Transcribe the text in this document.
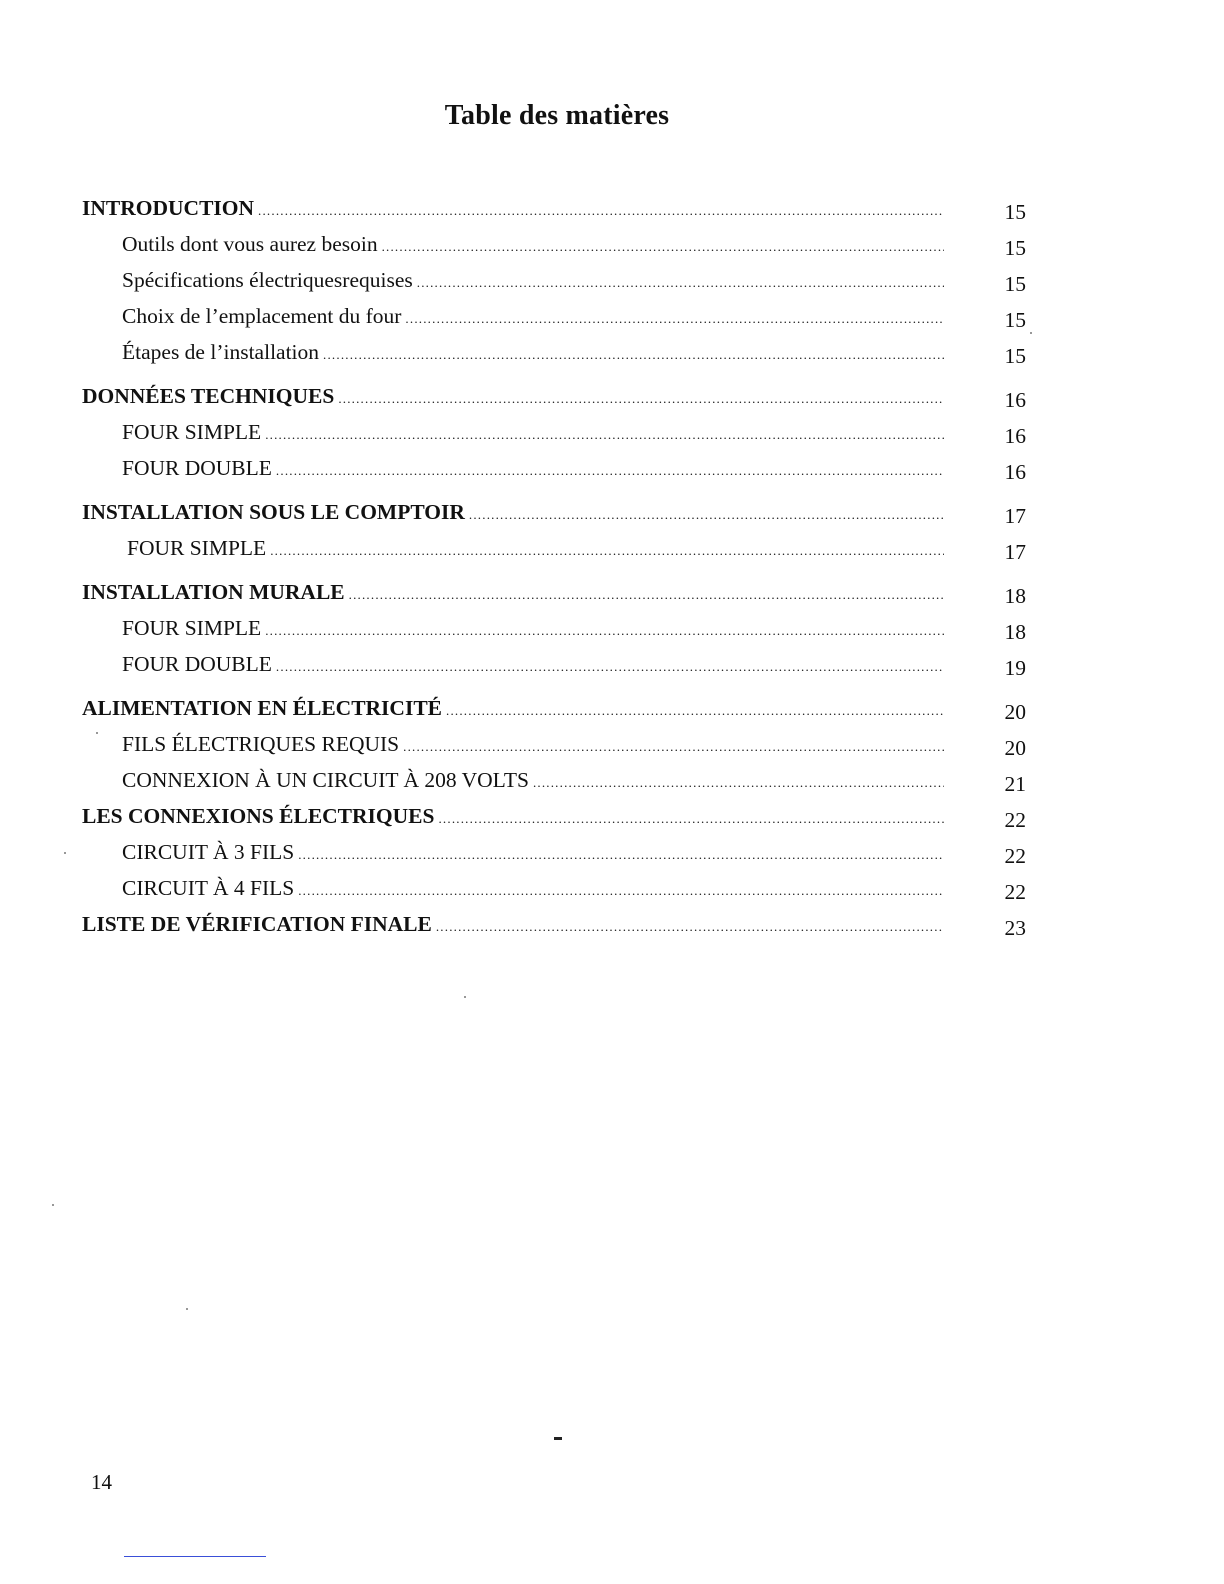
Table des matières
INTRODUCTION .....	15
Outils dont vous aurez besoin .....	15
Spécifications électriquesrequises .....	15
Choix de l’emplacement du four .....	15
Étapes de l’installation .....	15
DONNÉES TECHNIQUES .....	16
FOUR SIMPLE .....	16
FOUR DOUBLE .....	16
INSTALLATION SOUS LE COMPTOIR .....	17
FOUR SIMPLE .....	17
INSTALLATION MURALE .....	18
FOUR SIMPLE .....	18
FOUR DOUBLE .....	19
ALIMENTATION EN ÉLECTRICITÉ .....	20
FILS ÉLECTRIQUES REQUIS .....	20
CONNEXION À UN CIRCUIT À 208 VOLTS .....	21
LES CONNEXIONS ÉLECTRIQUES .....	22
CIRCUIT À 3 FILS .....	22
CIRCUIT À 4 FILS .....	22
LISTE DE VÉRIFICATION FINALE .....	23
14
